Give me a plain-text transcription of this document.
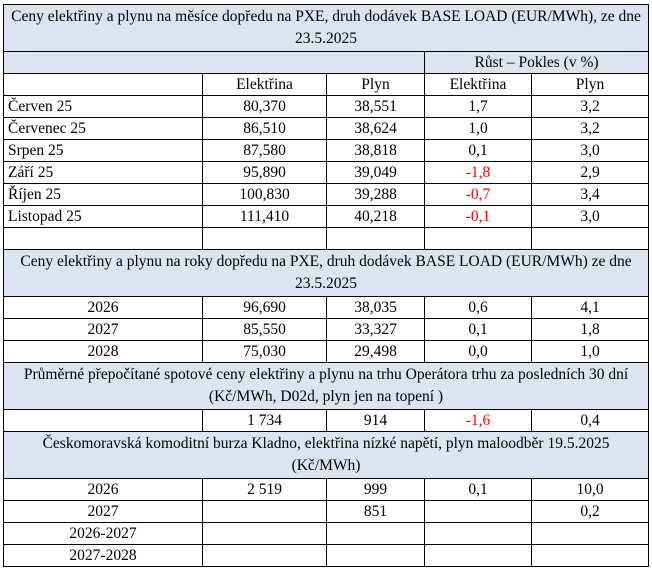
Ceny elektřiny a plynu na měsíce dopředu na PXE, druh dodávek BASE LOAD (EUR/MWh), ze dne 23.5.2025				
			Růst – Pokles (v %)	
	Elektřina	Plyn	Elektřina	Plyn
Červen 25	80,370	38,551	1,7	3,2
Červenec 25	86,510	38,624	1,0	3,2
Srpen 25	87,580	38,818	0,1	3,0
Září 25	95,890	39,049	-1,8	2,9
Říjen 25	100,830	39,288	-0,7	3,4
Listopad 25	111,410	40,218	-0,1	3,0

Ceny elektřiny a plynu na roky dopředu na PXE, druh dodávek BASE LOAD (EUR/MWh) ze dne 23.5.2025				
2026	96,690	38,035	0,6	4,1
2027	85,550	33,327	0,1	1,8
2028	75,030	29,498	0,0	1,0
Průměrné přepočítané spotové ceny elektřiny a plynu na trhu Operátora trhu za posledních 30 dní (Kč/MWh, D02d, plyn jen na topení )				
	1 734	914	-1,6	0,4
Českomoravská komoditní burza Kladno, elektřina nízké napětí, plyn maloodběr 19.5.2025 (Kč/MWh)				
2026	2 519	999	0,1	10,0
2027		851		0,2
2026-2027				
2027-2028				
